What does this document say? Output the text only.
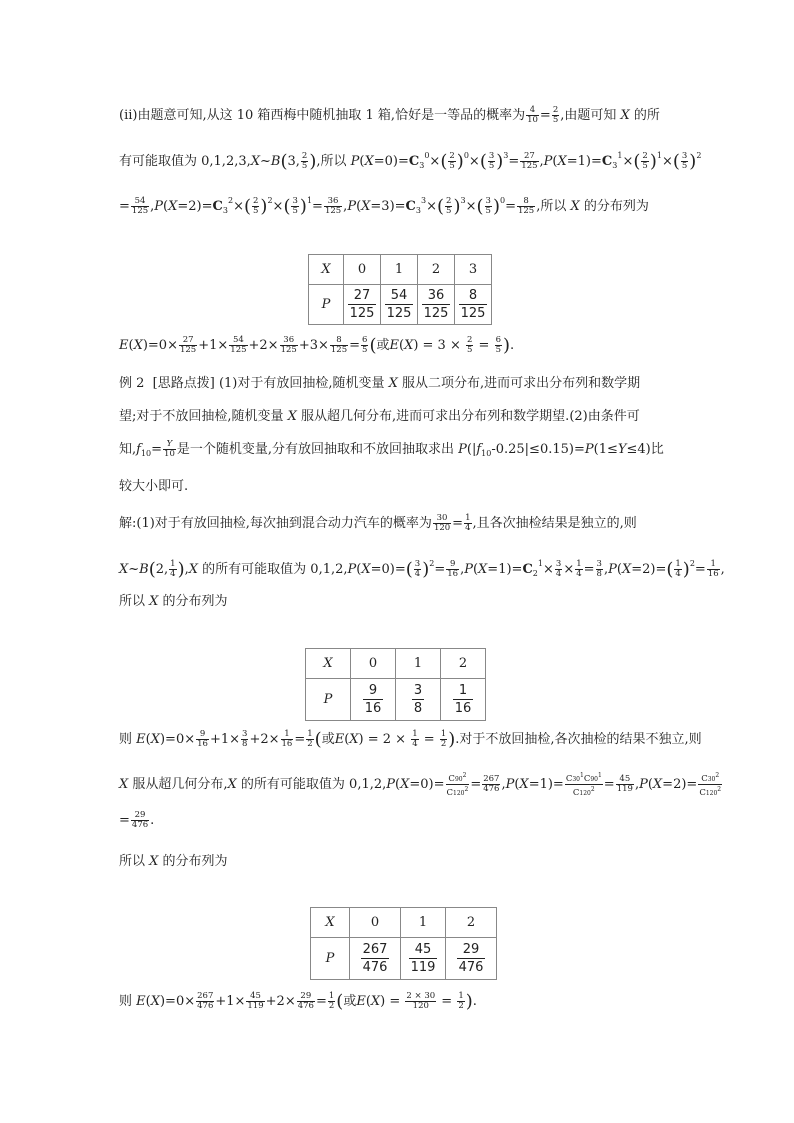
(ⅱ)由题意可知,从这 10 箱西梅中随机抽取 1 箱,恰好是一等品的概率为 $\frac{4}{10} = \frac{2}{5}$ ,由题可知 X 的所
有可能取值为 0,1,2,3,X~B(3, $\frac{2}{5}$ ),所以 $P(X=0)=C_3^0\times( \frac{2}{5} )^0\times( \frac{3}{5} )^3= \frac{27}{125} ,P(X=1)=C_3^1\times( \frac{2}{5} )^1\times( \frac{3}{5} )^2$
= $\frac{54}{125} ,P(X=2)=C_3^2\times( \frac{2}{5} )^2\times( \frac{3}{5} )^1= \frac{36}{125} ,P(X=3)=C_3^3\times( \frac{2}{5} )^3\times( \frac{3}{5} )^0= \frac{8}{125}$ ,所以 X 的分布列为
X	0	1	2	3
P	$\frac{27}{125}$	$\frac{54}{125}$	$\frac{36}{125}$	$\frac{8}{125}$
$E(X)=0\times \frac{27}{125} +1\times \frac{54}{125} +2\times \frac{36}{125} +3\times \frac{8}{125} = \frac{6}{5}$ (或$E(X) = 3 \times \frac{2}{5} = \frac{6}{5}$ ).
例 2  [思路点拨] (1)对于有放回抽检,随机变量 X 服从二项分布,进而可求出分布列和数学期
望;对于不放回抽检,随机变量 X 服从超几何分布,进而可求出分布列和数学期望.(2)由条件可
知$,f_{10}= \frac{Y}{10}$ 是一个随机变量,分有放回抽取和不放回抽取求出 $P(|f_{10}-0.25|\le 0.15)=P(1\le Y\le 4)$比
较大小即可.
解:(1)对于有放回抽检,每次抽到混合动力汽车的概率为 $\frac{30}{120} = \frac{1}{4}$ ,且各次抽检结果是独立的,则
X~B(2, $\frac{1}{4} ),X$ 的所有可能取值为 $0,1,2,P(X=0)=( \frac{3}{4} )^2= \frac{9}{16} ,P(X=1)=C_2^1\times \frac{3}{4} \times \frac{1}{4} = \frac{3}{8} ,P(X=2)=( \frac{1}{4} )^2= \frac{1}{16}$ ,
所以 X 的分布列为
X	0	1	2
P	$\frac{9}{16}$	$\frac{3}{8}$	$\frac{1}{16}$
则 $E(X)=0\times \frac{9}{16} +1\times \frac{3}{8} +2\times \frac{1}{16} = \frac{1}{2}$ (或$E(X) = 2 \times \frac{1}{4} = \frac{1}{2}$ ).对于不放回抽检,各次抽检的结果不独立,则
X 服从超几何分布,X 的所有可能取值为 $0,1,2,P(X=0)= \frac{C90^2}{C120^2} = \frac{267}{476} ,P(X=1)= \frac{C30^1C90^1}{C120^2} = \frac{45}{119} ,P(X=2)= \frac{C30^2}{C120^2}$
= $\frac{29}{476}$ .
所以 X 的分布列为
X	0	1	2
P	$\frac{267}{476}$	$\frac{45}{119}$	$\frac{29}{476}$
则 $E(X)=0\times \frac{267}{476} +1\times \frac{45}{119} +2\times \frac{29}{476} = \frac{1}{2}$ (或$E(X) = \frac{2 \times 30}{120} = \frac{1}{2}$ ).
